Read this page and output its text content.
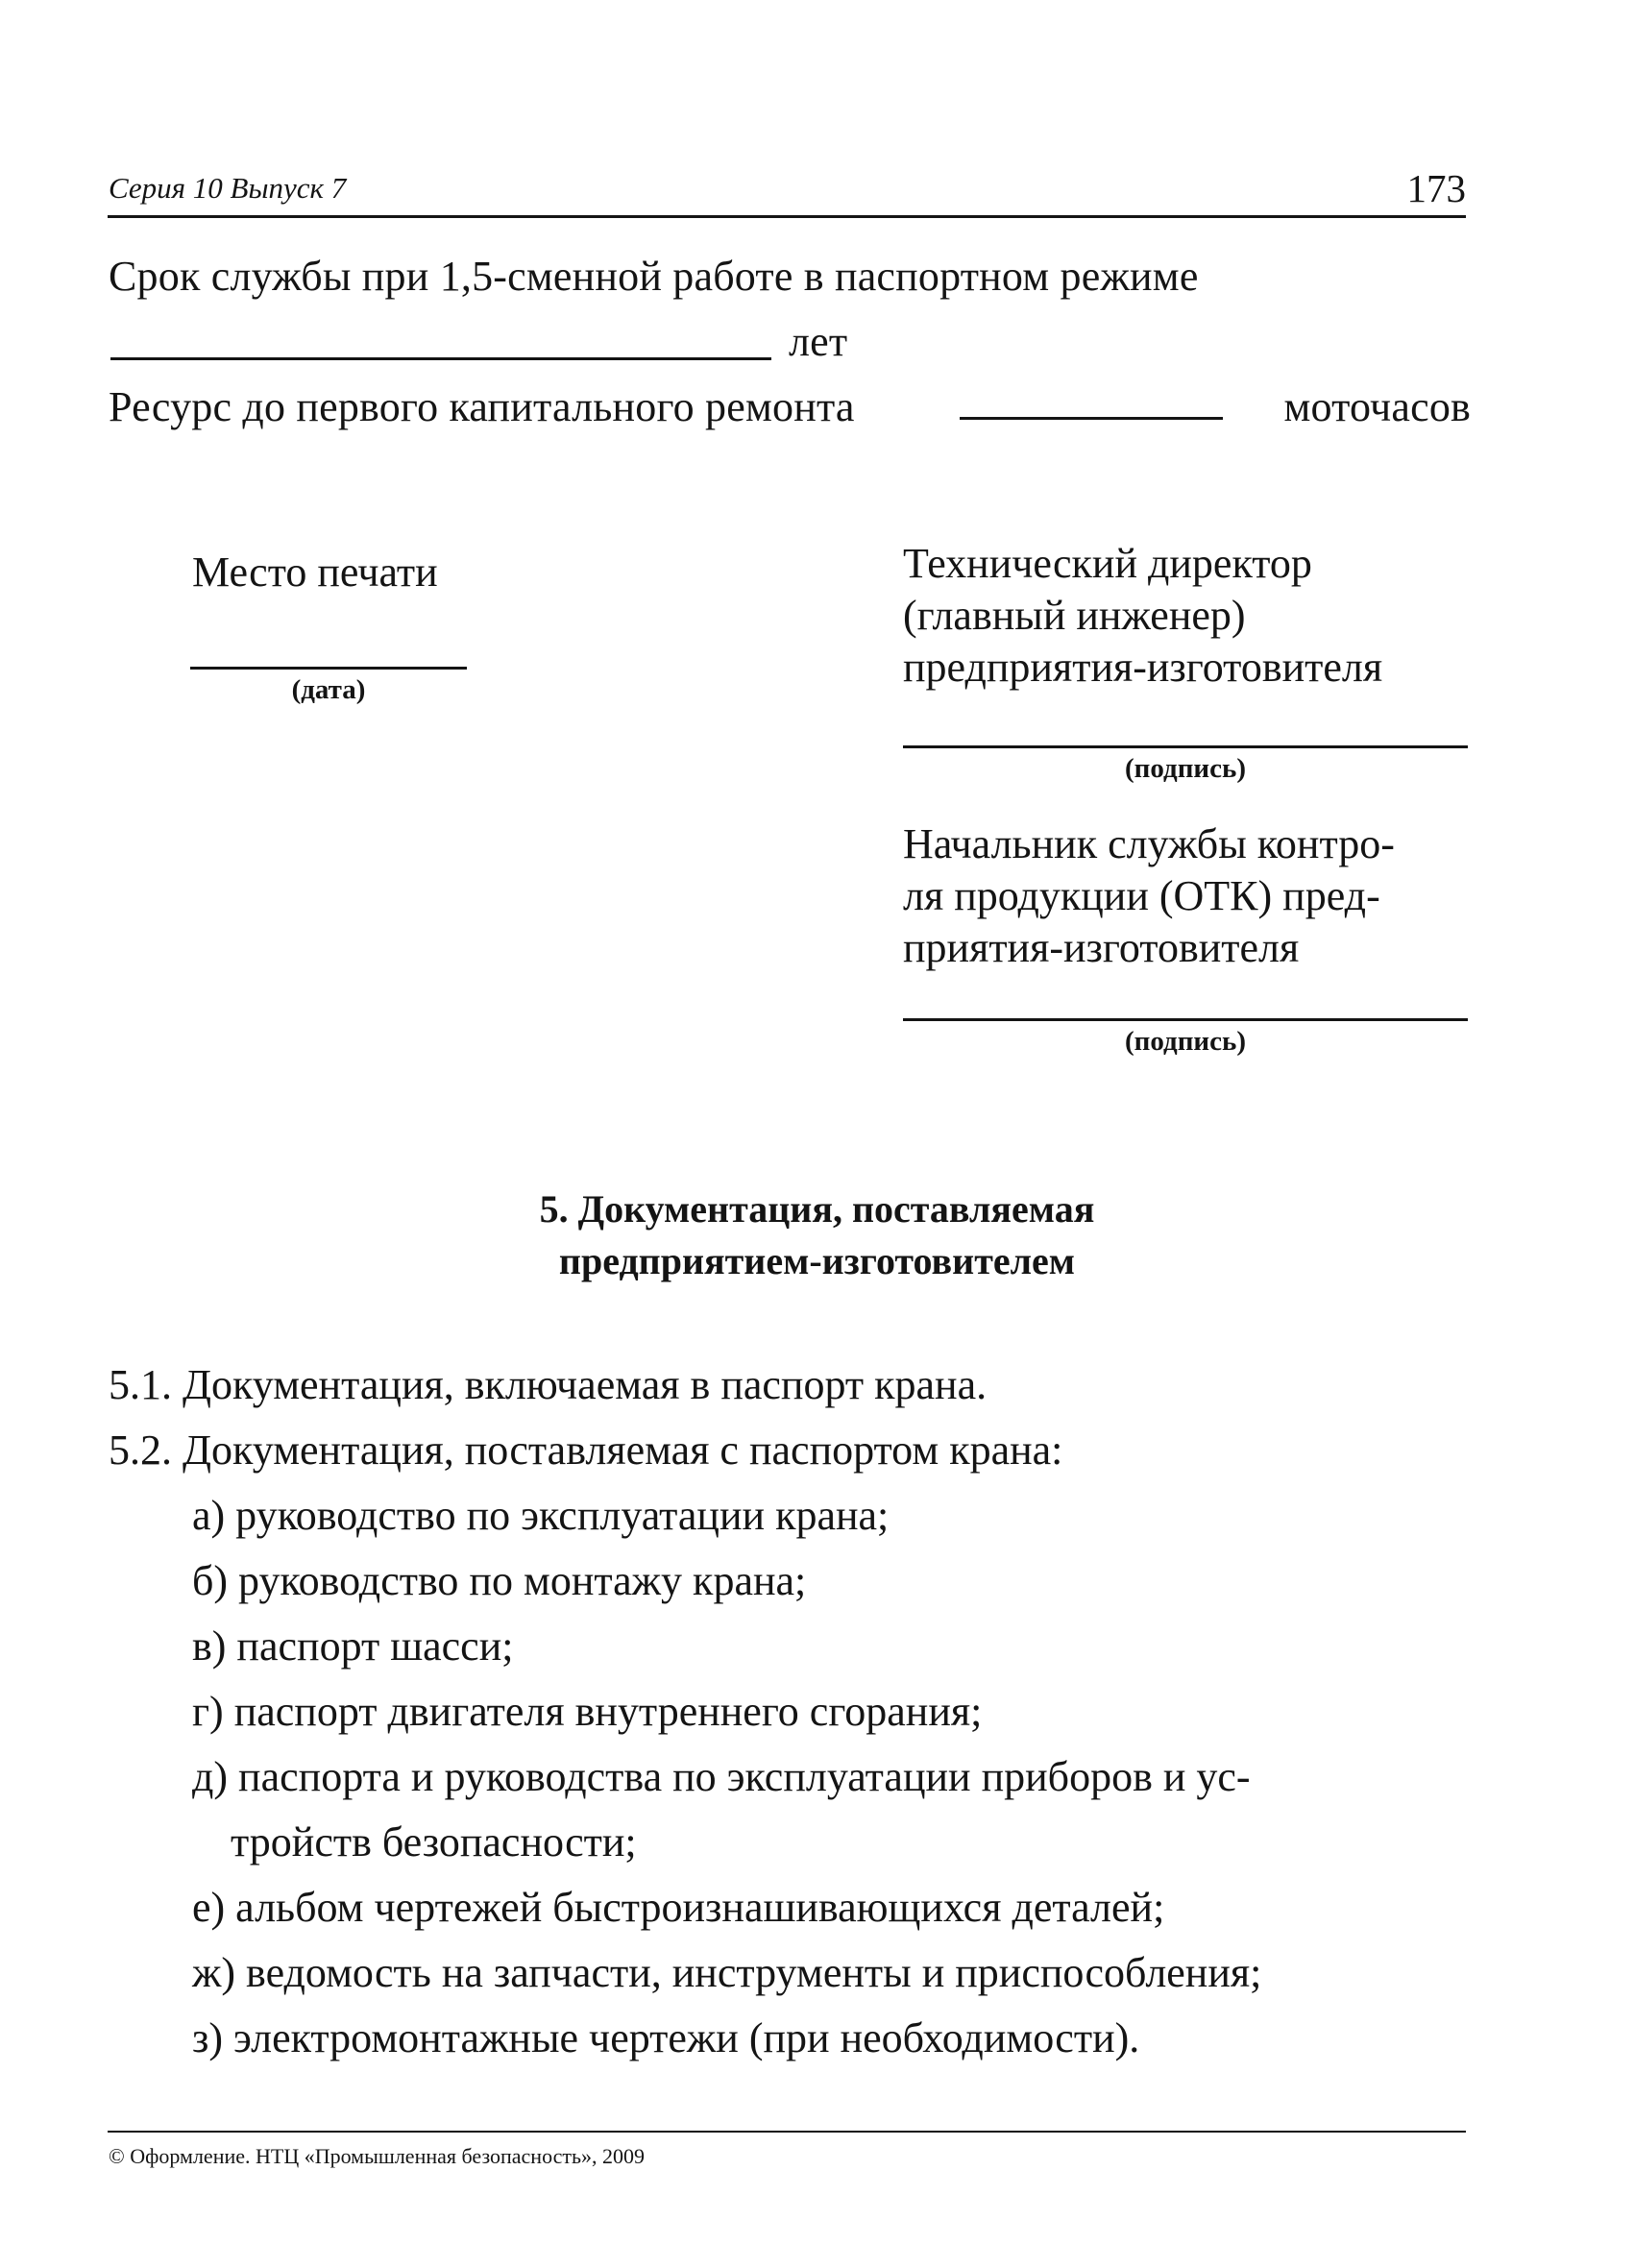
Серия 10 Выпуск 7	173
Срок службы при 1,5-сменной работе в паспортном режиме
лет
Ресурс до первого капитального ремонта	моточасов
Место печати
(дата)
Технический директор
(главный инженер)
предприятия-изготовителя
(подпись)
Начальник службы контро-
ля продукции (ОТК) пред-
приятия-изготовителя
(подпись)
5. Документация, поставляемая
предприятием-изготовителем
5.1. Документация, включаемая в паспорт крана.
5.2. Документация, поставляемая с паспортом крана:
а) руководство по эксплуатации крана;
б) руководство по монтажу крана;
в) паспорт шасси;
г) паспорт двигателя внутреннего сгорания;
д) паспорта и руководства по эксплуатации приборов и ус-
тройств безопасности;
е) альбом чертежей быстроизнашивающихся деталей;
ж) ведомость на запчасти, инструменты и приспособления;
з) электромонтажные чертежи (при необходимости).
© Оформление. НТЦ «Промышленная безопасность», 2009
